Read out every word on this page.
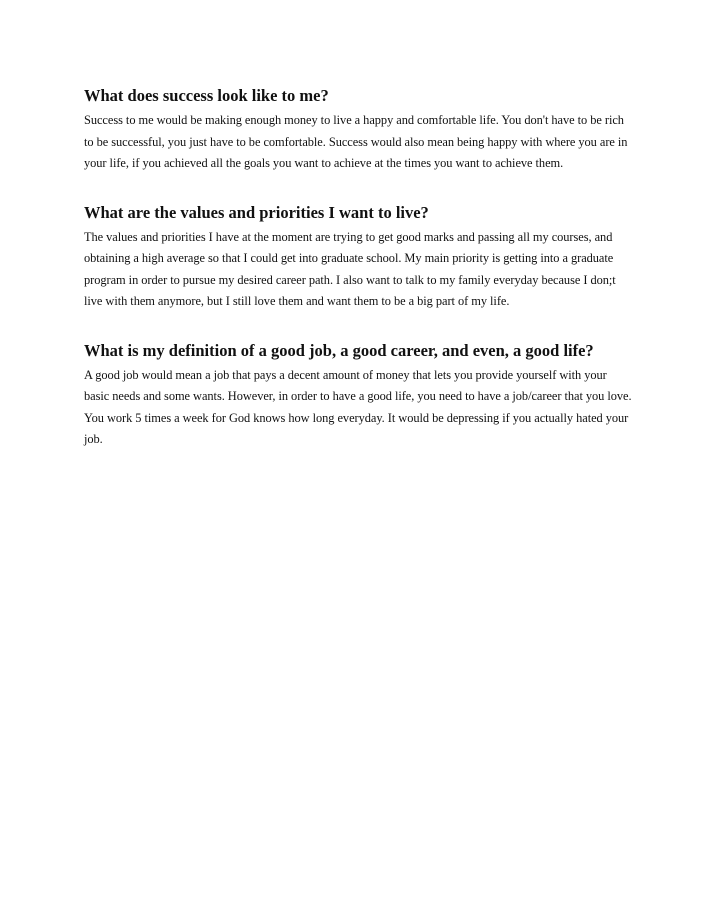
What does success look like to me?

Success to me would be making enough money to live a happy and comfortable life. You don't have to be rich to be successful, you just have to be comfortable. Success would also mean being happy with where you are in your life, if you achieved all the goals you want to achieve at the times you want to achieve them.

What are the values and priorities I want to live?

The values and priorities I have at the moment are trying to get good marks and passing all my courses, and obtaining a high average so that I could get into graduate school. My main priority is getting into a graduate program in order to pursue my desired career path. I also want to talk to my family everyday because I don;t live with them anymore, but I still love them and want them to be a big part of my life.

What is my definition of a good job, a good career, and even, a good life?

A good job would mean a job that pays a decent amount of money that lets you provide yourself with your basic needs and some wants. However, in order to have a good life, you need to have a job/career that you love. You work 5 times a week for God knows how long everyday. It would be depressing if you actually hated your job.
